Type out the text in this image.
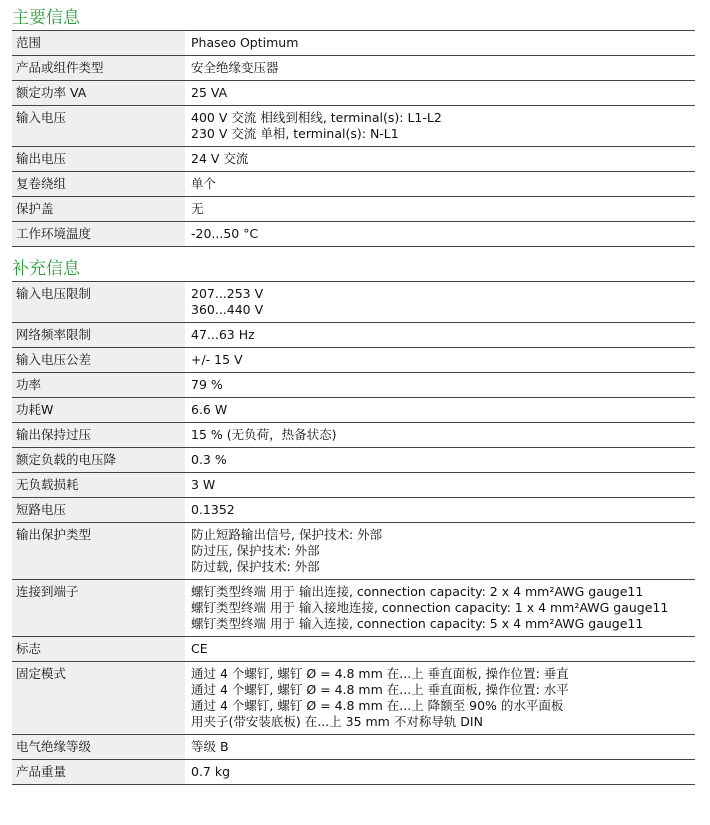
主要信息
范围	Phaseo Optimum

产品或组件类型	安全绝缘变压器

额定功率 VA	25 VA

输入电压	400 V 交流 相线到相线, terminal(s): L1-L2
230 V 交流 单相, terminal(s): N-L1

输出电压	24 V 交流

复卷绕组	单个

保护盖	无

工作环境温度	-20...50 °C
补充信息
输入电压限制	207...253 V
360...440 V

网络频率限制	47...63 Hz

输入电压公差	+/- 15 V

功率	79 %

功耗W	6.6 W

输出保持过压	15 % (无负荷，热备状态)

额定负载的电压降	0.3 %

无负载损耗	3 W

短路电压	0.1352

输出保护类型	防止短路输出信号, 保护技术: 外部
防过压, 保护技术: 外部
防过载, 保护技术: 外部

连接到端子	螺钉类型终端 用于 输出连接, connection capacity: 2 x 4 mm²AWG gauge11
螺钉类型终端 用于 输入接地连接, connection capacity: 1 x 4 mm²AWG gauge11
螺钉类型终端 用于 输入连接, connection capacity: 5 x 4 mm²AWG gauge11

标志	CE

固定模式	通过 4 个螺钉, 螺钉 Ø = 4.8 mm 在...上 垂直面板, 操作位置: 垂直
通过 4 个螺钉, 螺钉 Ø = 4.8 mm 在...上 垂直面板, 操作位置: 水平
通过 4 个螺钉, 螺钉 Ø = 4.8 mm 在...上 降额至 90% 的水平面板
用夹子(带安装底板) 在...上 35 mm 不对称导轨 DIN

电气绝缘等级	等级 B

产品重量	0.7 kg
